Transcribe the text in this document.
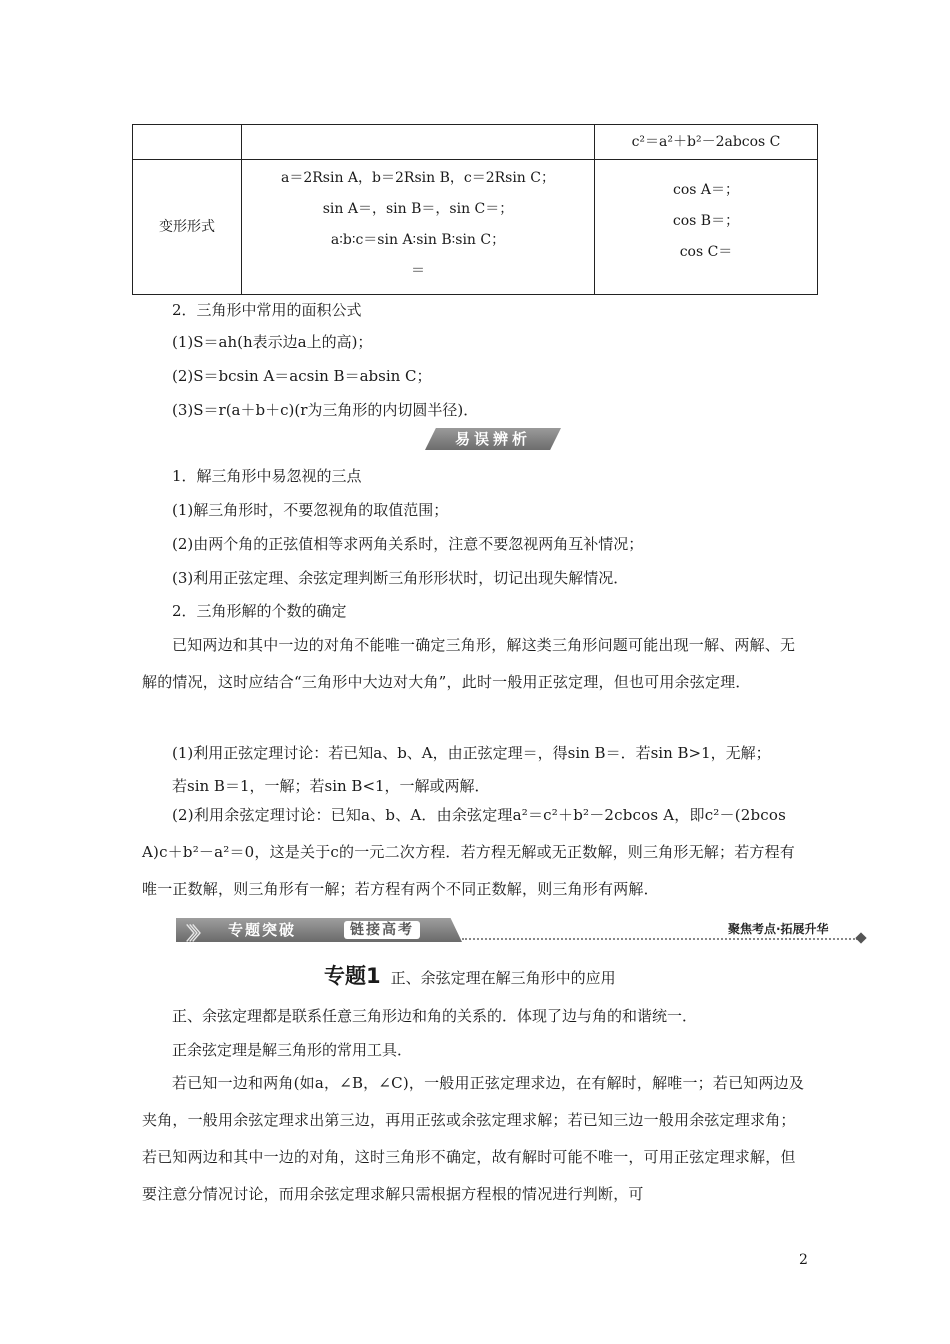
c²＝a²＋b²－2abcos C
变形形式
a＝2Rsin A，b＝2Rsin B，c＝2Rsin C；
sin A＝，sin B＝，sin C＝；
a∶b∶c＝sin A∶sin B∶sin C；
＝
cos A＝；
cos B＝；
cos C＝
2．三角形中常用的面积公式
(1)S＝ah(h表示边a上的高)；
(2)S＝bcsin A＝acsin B＝absin C；
(3)S＝r(a＋b＋c)(r为三角形的内切圆半径)．
易误辨析
1．解三角形中易忽视的三点
(1)解三角形时，不要忽视角的取值范围；
(2)由两个角的正弦值相等求两角关系时，注意不要忽视两角互补情况；
(3)利用正弦定理、余弦定理判断三角形形状时，切记出现失解情况．
2．三角形解的个数的确定
已知两边和其中一边的对角不能唯一确定三角形，解这类三角形问题可能出现一解、两解、无解的情况，这时应结合“三角形中大边对大角”，此时一般用正弦定理，但也可用余弦定理．
(1)利用正弦定理讨论：若已知a、b、A，由正弦定理＝，得sin B＝．若sin B>1，无解；
若sin B＝1，一解；若sin B<1，一解或两解．
(2)利用余弦定理讨论：已知a、b、A．由余弦定理a²＝c²＋b²－2cbcos A，即c²－(2bcos A)c＋b²－a²＝0，这是关于c的一元二次方程．若方程无解或无正数解，则三角形无解；若方程有唯一正数解，则三角形有一解；若方程有两个不同正数解，则三角形有两解．
〉〉〉 专题突破	链接高考	聚焦考点·拓展升华
专题1 正、余弦定理在解三角形中的应用
正、余弦定理都是联系任意三角形边和角的关系的．体现了边与角的和谐统一．
正余弦定理是解三角形的常用工具．
若已知一边和两角(如a，∠B，∠C)，一般用正弦定理求边，在有解时，解唯一；若已知两边及夹角，一般用余弦定理求出第三边，再用正弦或余弦定理求解；若已知三边一般用余弦定理求角；若已知两边和其中一边的对角，这时三角形不确定，故有解时可能不唯一，可用正弦定理求解，但要注意分情况讨论，而用余弦定理求解只需根据方程根的情况进行判断，可
2
